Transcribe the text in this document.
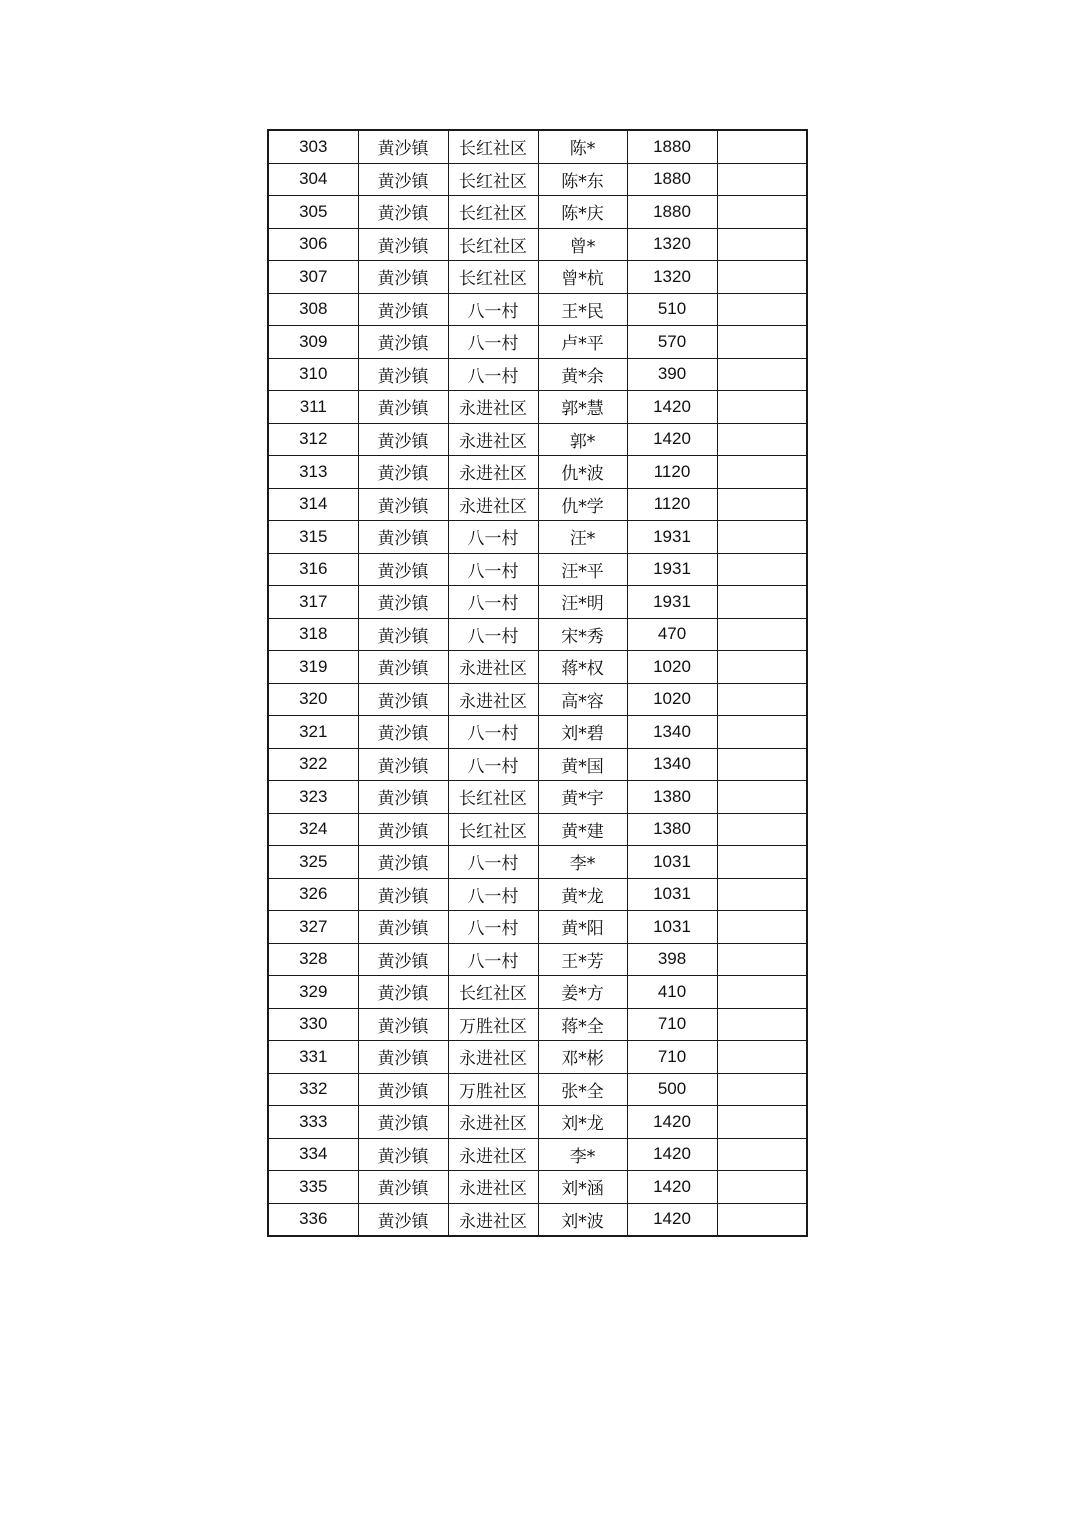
303	黄沙镇	长红社区	陈*	1880	
304	黄沙镇	长红社区	陈*东	1880	
305	黄沙镇	长红社区	陈*庆	1880	
306	黄沙镇	长红社区	曾*	1320	
307	黄沙镇	长红社区	曾*杭	1320	
308	黄沙镇	八一村	王*民	510	
309	黄沙镇	八一村	卢*平	570	
310	黄沙镇	八一村	黄*余	390	
311	黄沙镇	永进社区	郭*慧	1420	
312	黄沙镇	永进社区	郭*	1420	
313	黄沙镇	永进社区	仇*波	1120	
314	黄沙镇	永进社区	仇*学	1120	
315	黄沙镇	八一村	汪*	1931	
316	黄沙镇	八一村	汪*平	1931	
317	黄沙镇	八一村	汪*明	1931	
318	黄沙镇	八一村	宋*秀	470	
319	黄沙镇	永进社区	蒋*权	1020	
320	黄沙镇	永进社区	高*容	1020	
321	黄沙镇	八一村	刘*碧	1340	
322	黄沙镇	八一村	黄*国	1340	
323	黄沙镇	长红社区	黄*宇	1380	
324	黄沙镇	长红社区	黄*建	1380	
325	黄沙镇	八一村	李*	1031	
326	黄沙镇	八一村	黄*龙	1031	
327	黄沙镇	八一村	黄*阳	1031	
328	黄沙镇	八一村	王*芳	398	
329	黄沙镇	长红社区	姜*方	410	
330	黄沙镇	万胜社区	蒋*全	710	
331	黄沙镇	永进社区	邓*彬	710	
332	黄沙镇	万胜社区	张*全	500	
333	黄沙镇	永进社区	刘*龙	1420	
334	黄沙镇	永进社区	李*	1420	
335	黄沙镇	永进社区	刘*涵	1420	
336	黄沙镇	永进社区	刘*波	1420	
